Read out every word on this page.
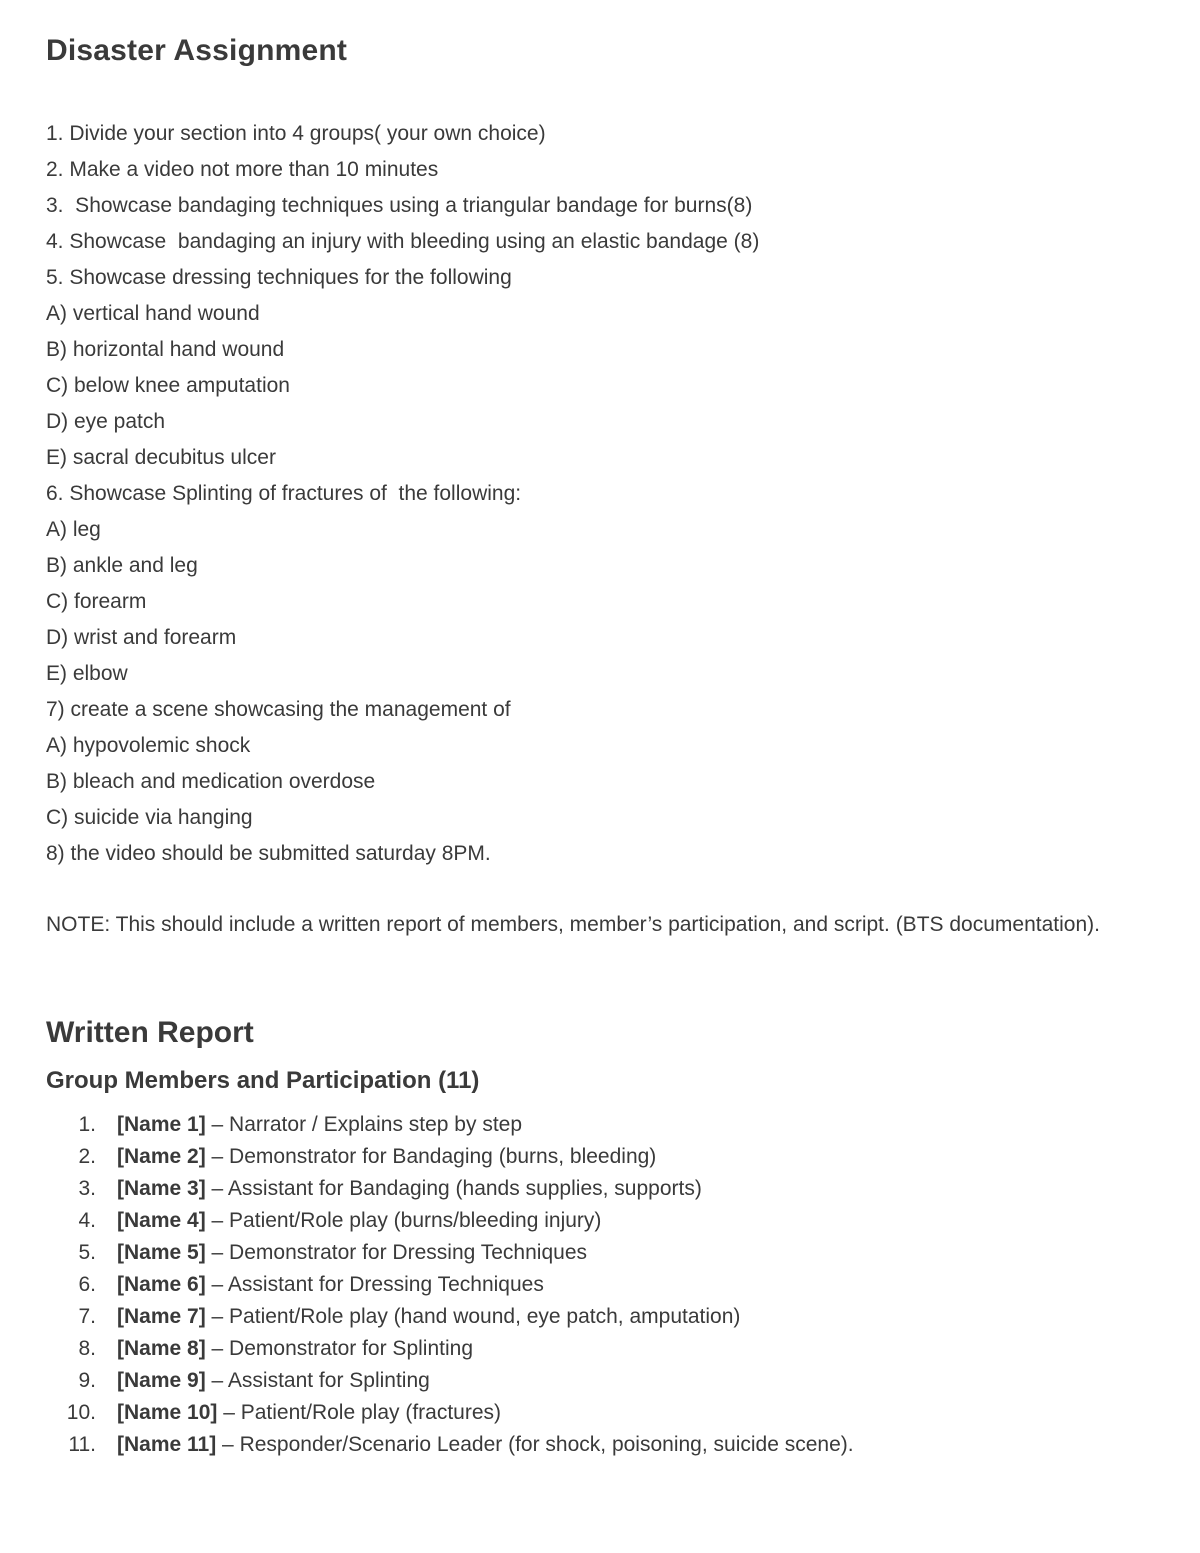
Disaster Assignment
1. Divide your section into 4 groups( your own choice)
2. Make a video not more than 10 minutes
3.  Showcase bandaging techniques using a triangular bandage for burns(8)
4. Showcase  bandaging an injury with bleeding using an elastic bandage (8)
5. Showcase dressing techniques for the following
A) vertical hand wound
B) horizontal hand wound
C) below knee amputation
D) eye patch
E) sacral decubitus ulcer
6. Showcase Splinting of fractures of  the following:
A) leg
B) ankle and leg
C) forearm
D) wrist and forearm
E) elbow
7) create a scene showcasing the management of
A) hypovolemic shock
B) bleach and medication overdose
C) suicide via hanging
8) the video should be submitted saturday 8PM.

NOTE: This should include a written report of members, member’s participation, and script. (BTS documentation).

Written Report
Group Members and Participation (11)
1. [Name 1] – Narrator / Explains step by step
2. [Name 2] – Demonstrator for Bandaging (burns, bleeding)
3. [Name 3] – Assistant for Bandaging (hands supplies, supports)
4. [Name 4] – Patient/Role play (burns/bleeding injury)
5. [Name 5] – Demonstrator for Dressing Techniques
6. [Name 6] – Assistant for Dressing Techniques
7. [Name 7] – Patient/Role play (hand wound, eye patch, amputation)
8. [Name 8] – Demonstrator for Splinting
9. [Name 9] – Assistant for Splinting
10. [Name 10] – Patient/Role play (fractures)
11. [Name 11] – Responder/Scenario Leader (for shock, poisoning, suicide scene).
